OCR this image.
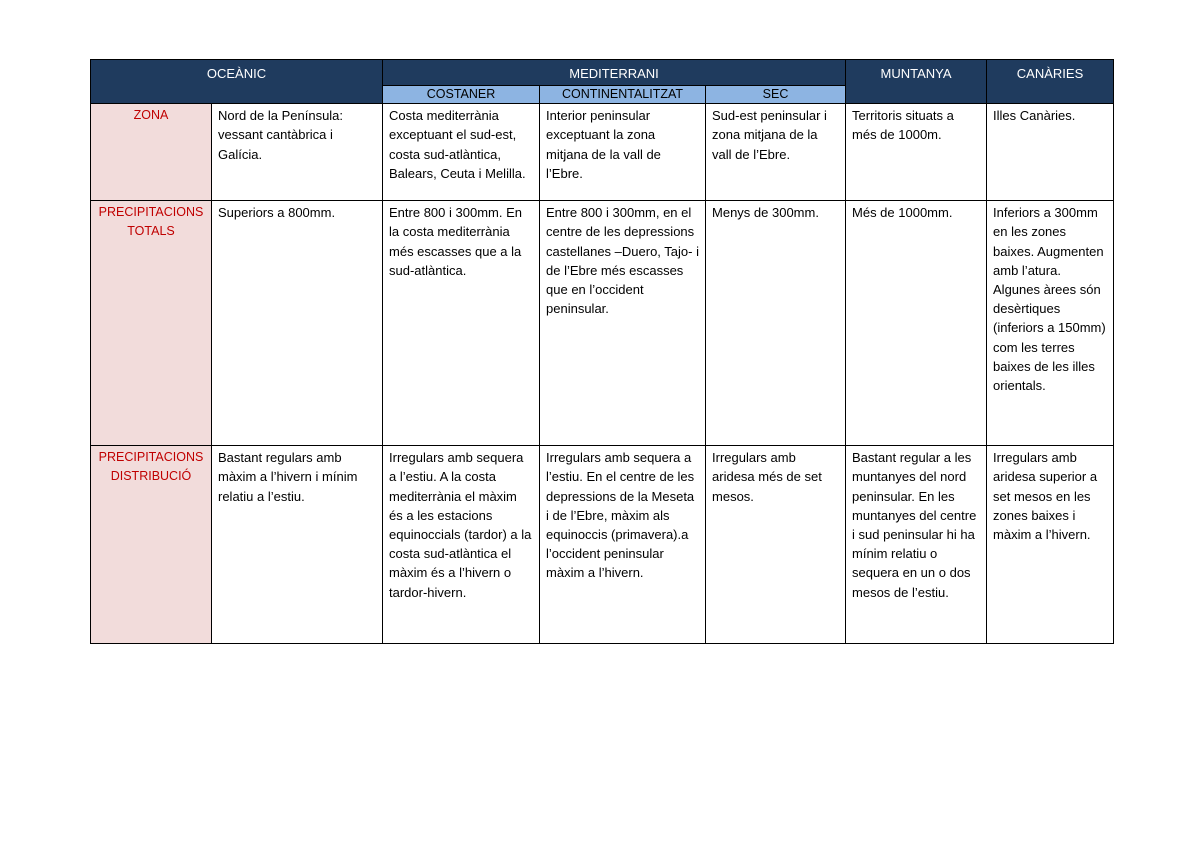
OCEÀNIC		MEDITERRANI			MUNTANYA	CANÀRIES
		COSTANER	CONTINENTALITZAT	SEC		
ZONA	Nord de la Península: vessant cantàbrica i Galícia.	Costa mediterrània exceptuant el sud-est, costa sud-atlàntica, Balears, Ceuta i Melilla.	Interior peninsular exceptuant la zona mitjana de la vall de l’Ebre.	Sud-est peninsular i zona mitjana de la vall de l’Ebre.	Territoris situats a més de 1000m.	Illes Canàries.
PRECIPITACIONS TOTALS	Superiors a 800mm.	Entre 800 i 300mm. En la costa mediterrània més escasses que a la sud-atlàntica.	Entre 800 i 300mm, en el centre de les depressions castellanes –Duero, Tajo- i de l’Ebre més escasses que en l’occident peninsular.	Menys de 300mm.	Més de 1000mm.	Inferiors a 300mm en les zones baixes. Augmenten amb l’atura. Algunes àrees són desèrtiques (inferiors a 150mm) com les terres baixes de les illes orientals.
PRECIPITACIONS DISTRIBUCIÓ	Bastant regulars amb màxim a l’hivern i mínim relatiu a l’estiu.	Irregulars amb sequera a l’estiu. A la costa mediterrània el màxim és a les estacions equinoccials (tardor) a la costa sud-atlàntica el màxim és a l’hivern o tardor-hivern.	Irregulars amb sequera a l’estiu. En el centre de les depressions de la Meseta i de l’Ebre, màxim als equinoccis (primavera).a l’occident peninsular màxim a l’hivern.	Irregulars amb aridesa més de set mesos.	Bastant regular a les muntanyes del nord peninsular. En les muntanyes del centre i sud peninsular hi ha mínim relatiu o sequera en un o dos mesos de l’estiu.	Irregulars amb aridesa superior a set mesos en les zones baixes i màxim a l’hivern.
